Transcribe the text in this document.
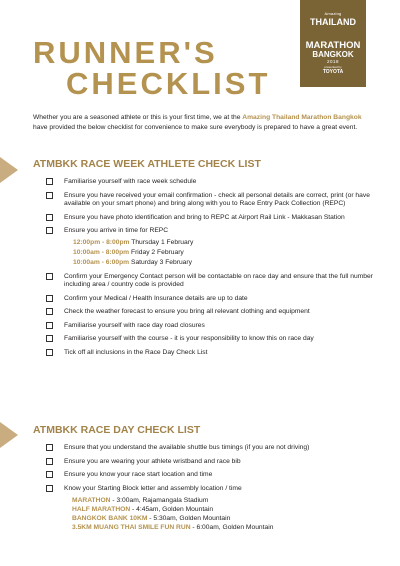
Amazing
THAILAND
MARATHON
BANGKOK
2018
presented by
TOYOTA
RUNNER'S
CHECKLIST

Whether you are a seasoned athlete or this is your first time, we at the Amazing Thailand Marathon Bangkok have provided the below checklist for convenience to make sure everybody is prepared to have a great event.

ATMBKK RACE WEEK ATHLETE CHECK LIST
Familiarise yourself with race week schedule
Ensure you have received your email confirmation - check all personal details are correct, print (or have available on your smart phone) and bring along with you to Race Entry Pack Collection (REPC)
Ensure you have photo identification and bring to REPC at Airport Rail Link - Makkasan Station
Ensure you arrive in time for REPC
12:00pm - 8:00pm Thursday 1 February
10:00am - 8:00pm Friday 2 February
10:00am - 6:00pm Saturday 3 February
Confirm your Emergency Contact person will be contactable on race day and ensure that the full number including area / country code is provided
Confirm your Medical / Health Insurance details are up to date
Check the weather forecast to ensure you bring all relevant clothing and equipment
Familiarise yourself with race day road closures
Familiarise yourself with the course - it is your responsibility to know this on race day
Tick off all inclusions in the Race Day Check List
ATMBKK RACE DAY CHECK LIST
Ensure that you understand the available shuttle bus timings (if you are not driving)
Ensure you are wearing your athlete wristband and race bib
Ensure you know your race start location and time
Know your Starting Block letter and assembly location / time
MARATHON - 3:00am, Rajamangala Stadium
HALF MARATHON - 4:45am, Golden Mountain
BANGKOK BANK 10KM - 5:30am, Golden Mountain
3.5KM MUANG THAI SMILE FUN RUN - 6:00am, Golden Mountain
